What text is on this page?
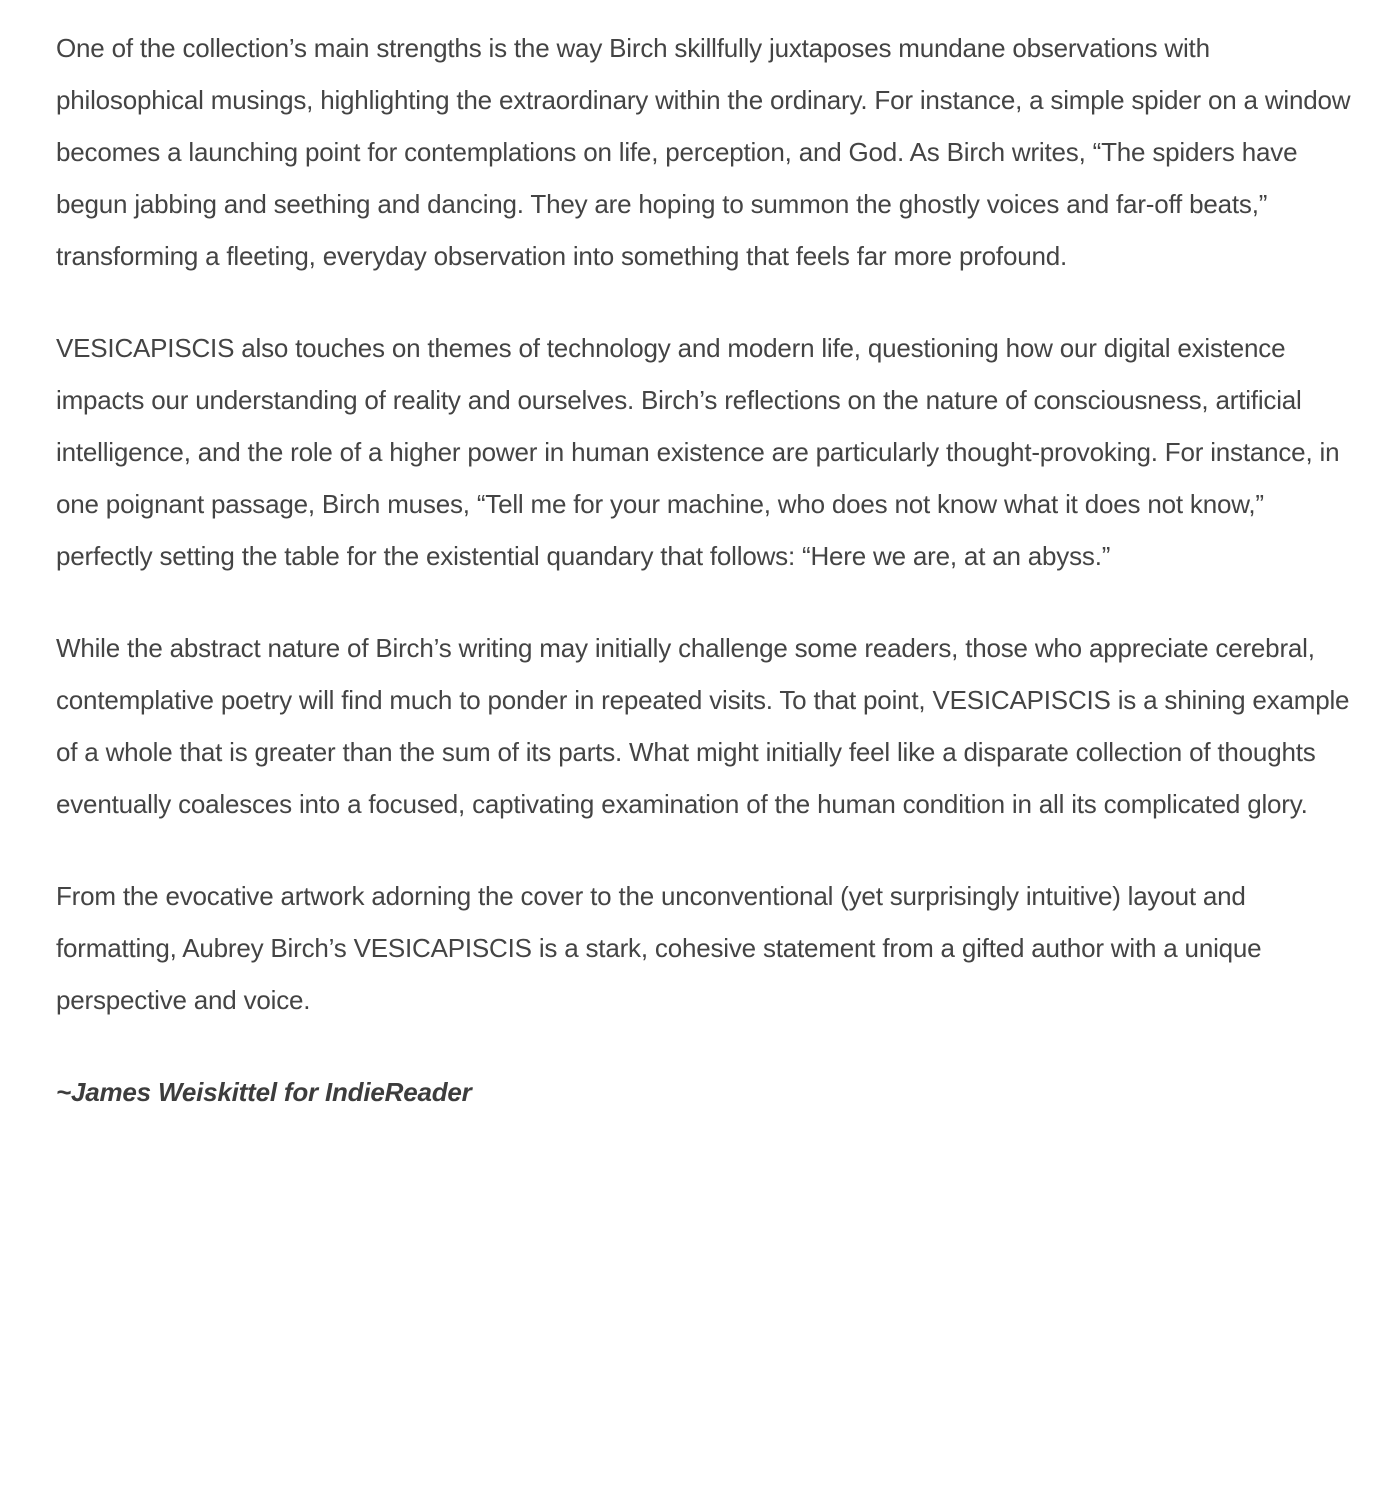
One of the collection’s main strengths is the way Birch skillfully juxtaposes mundane observations with philosophical musings, highlighting the extraordinary within the ordinary. For instance, a simple spider on a window becomes a launching point for contemplations on life, perception, and God. As Birch writes, “The spiders have begun jabbing and seething and dancing. They are hoping to summon the ghostly voices and far-off beats,” transforming a fleeting, everyday observation into something that feels far more profound.

VESICAPISCIS also touches on themes of technology and modern life, questioning how our digital existence impacts our understanding of reality and ourselves. Birch’s reflections on the nature of consciousness, artificial intelligence, and the role of a higher power in human existence are particularly thought-provoking. For instance, in one poignant passage, Birch muses, “Tell me for your machine, who does not know what it does not know,” perfectly setting the table for the existential quandary that follows: “Here we are, at an abyss.”

While the abstract nature of Birch’s writing may initially challenge some readers, those who appreciate cerebral, contemplative poetry will find much to ponder in repeated visits. To that point, VESICAPISCIS is a shining example of a whole that is greater than the sum of its parts. What might initially feel like a disparate collection of thoughts eventually coalesces into a focused, captivating examination of the human condition in all its complicated glory.

From the evocative artwork adorning the cover to the unconventional (yet surprisingly intuitive) layout and formatting, Aubrey Birch’s VESICAPISCIS is a stark, cohesive statement from a gifted author with a unique perspective and voice.

~James Weiskittel for IndieReader
